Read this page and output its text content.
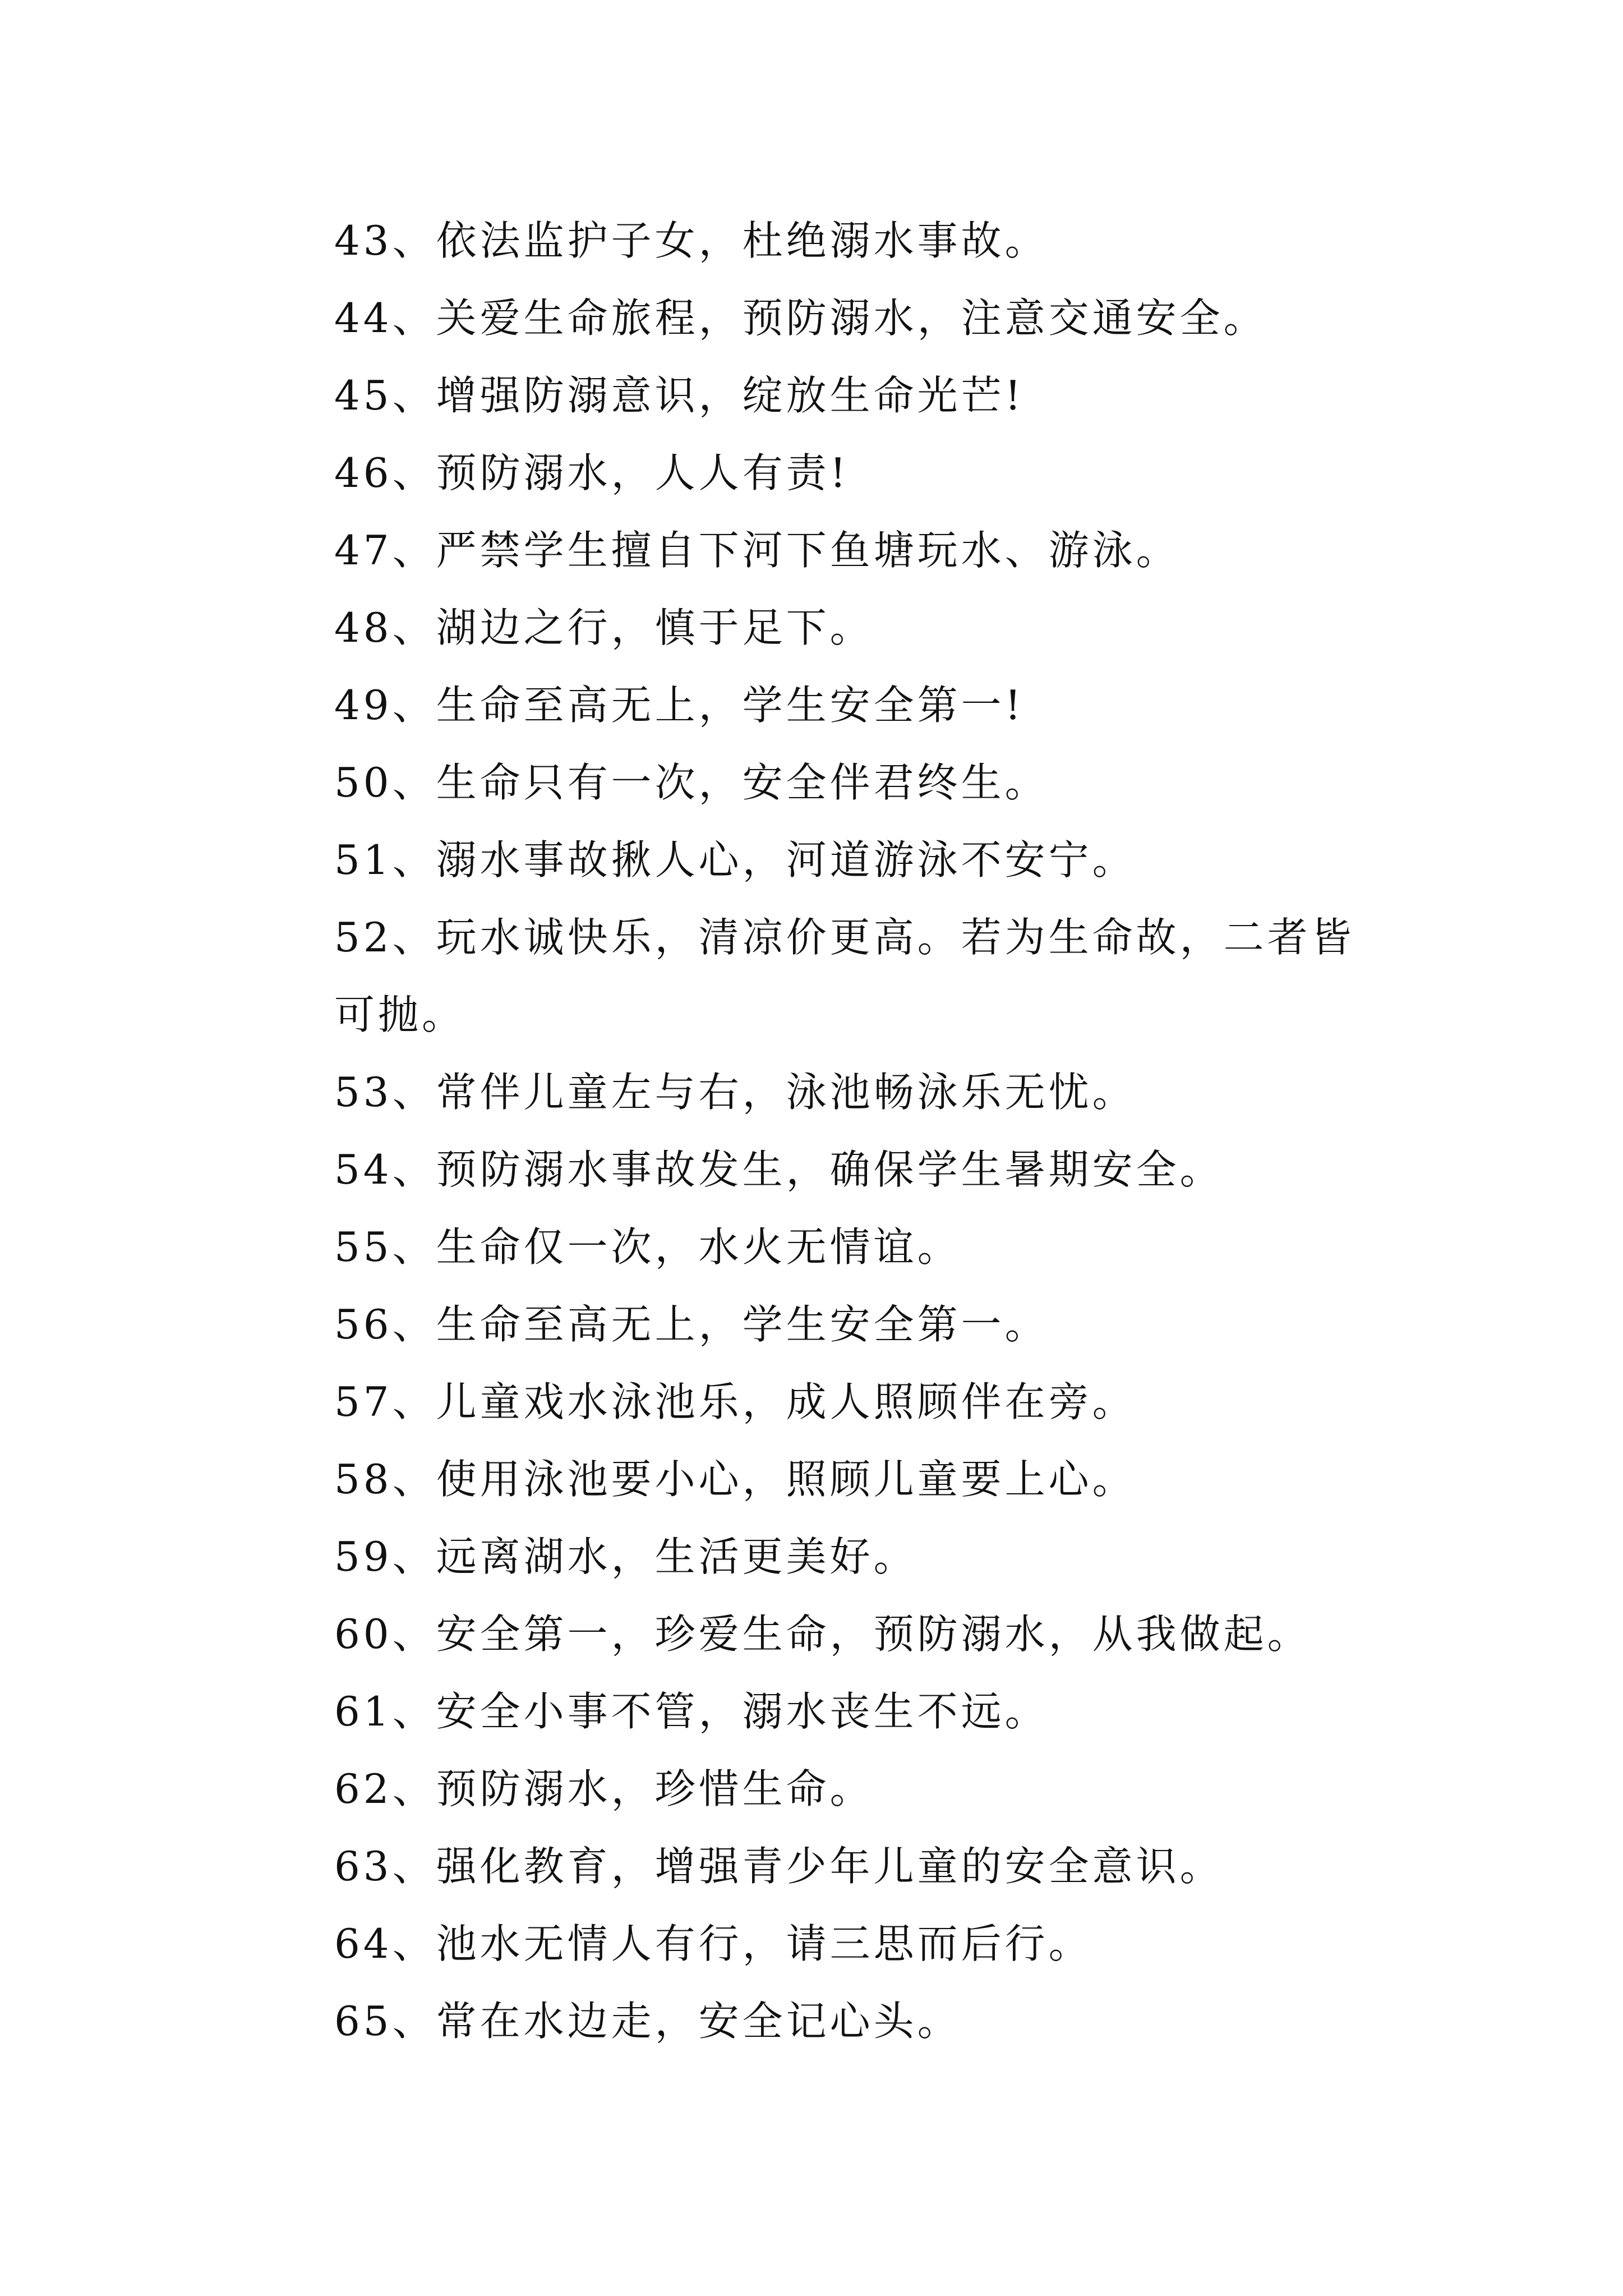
43、依法监护子女，杜绝溺水事故。
44、关爱生命旅程，预防溺水，注意交通安全。
45、增强防溺意识，绽放生命光芒!
46、预防溺水，人人有责!
47、严禁学生擅自下河下鱼塘玩水、游泳。
48、湖边之行，慎于足下。
49、生命至高无上，学生安全第一!
50、生命只有一次，安全伴君终生。
51、溺水事故揪人心，河道游泳不安宁。
52、玩水诚快乐，清凉价更高。若为生命故，二者皆可抛。
53、常伴儿童左与右，泳池畅泳乐无忧。
54、预防溺水事故发生，确保学生暑期安全。
55、生命仅一次，水火无情谊。
56、生命至高无上，学生安全第一。
57、儿童戏水泳池乐，成人照顾伴在旁。
58、使用泳池要小心，照顾儿童要上心。
59、远离湖水，生活更美好。
60、安全第一，珍爱生命，预防溺水，从我做起。
61、安全小事不管，溺水丧生不远。
62、预防溺水，珍惜生命。
63、强化教育，增强青少年儿童的安全意识。
64、池水无情人有行，请三思而后行。
65、常在水边走，安全记心头。
